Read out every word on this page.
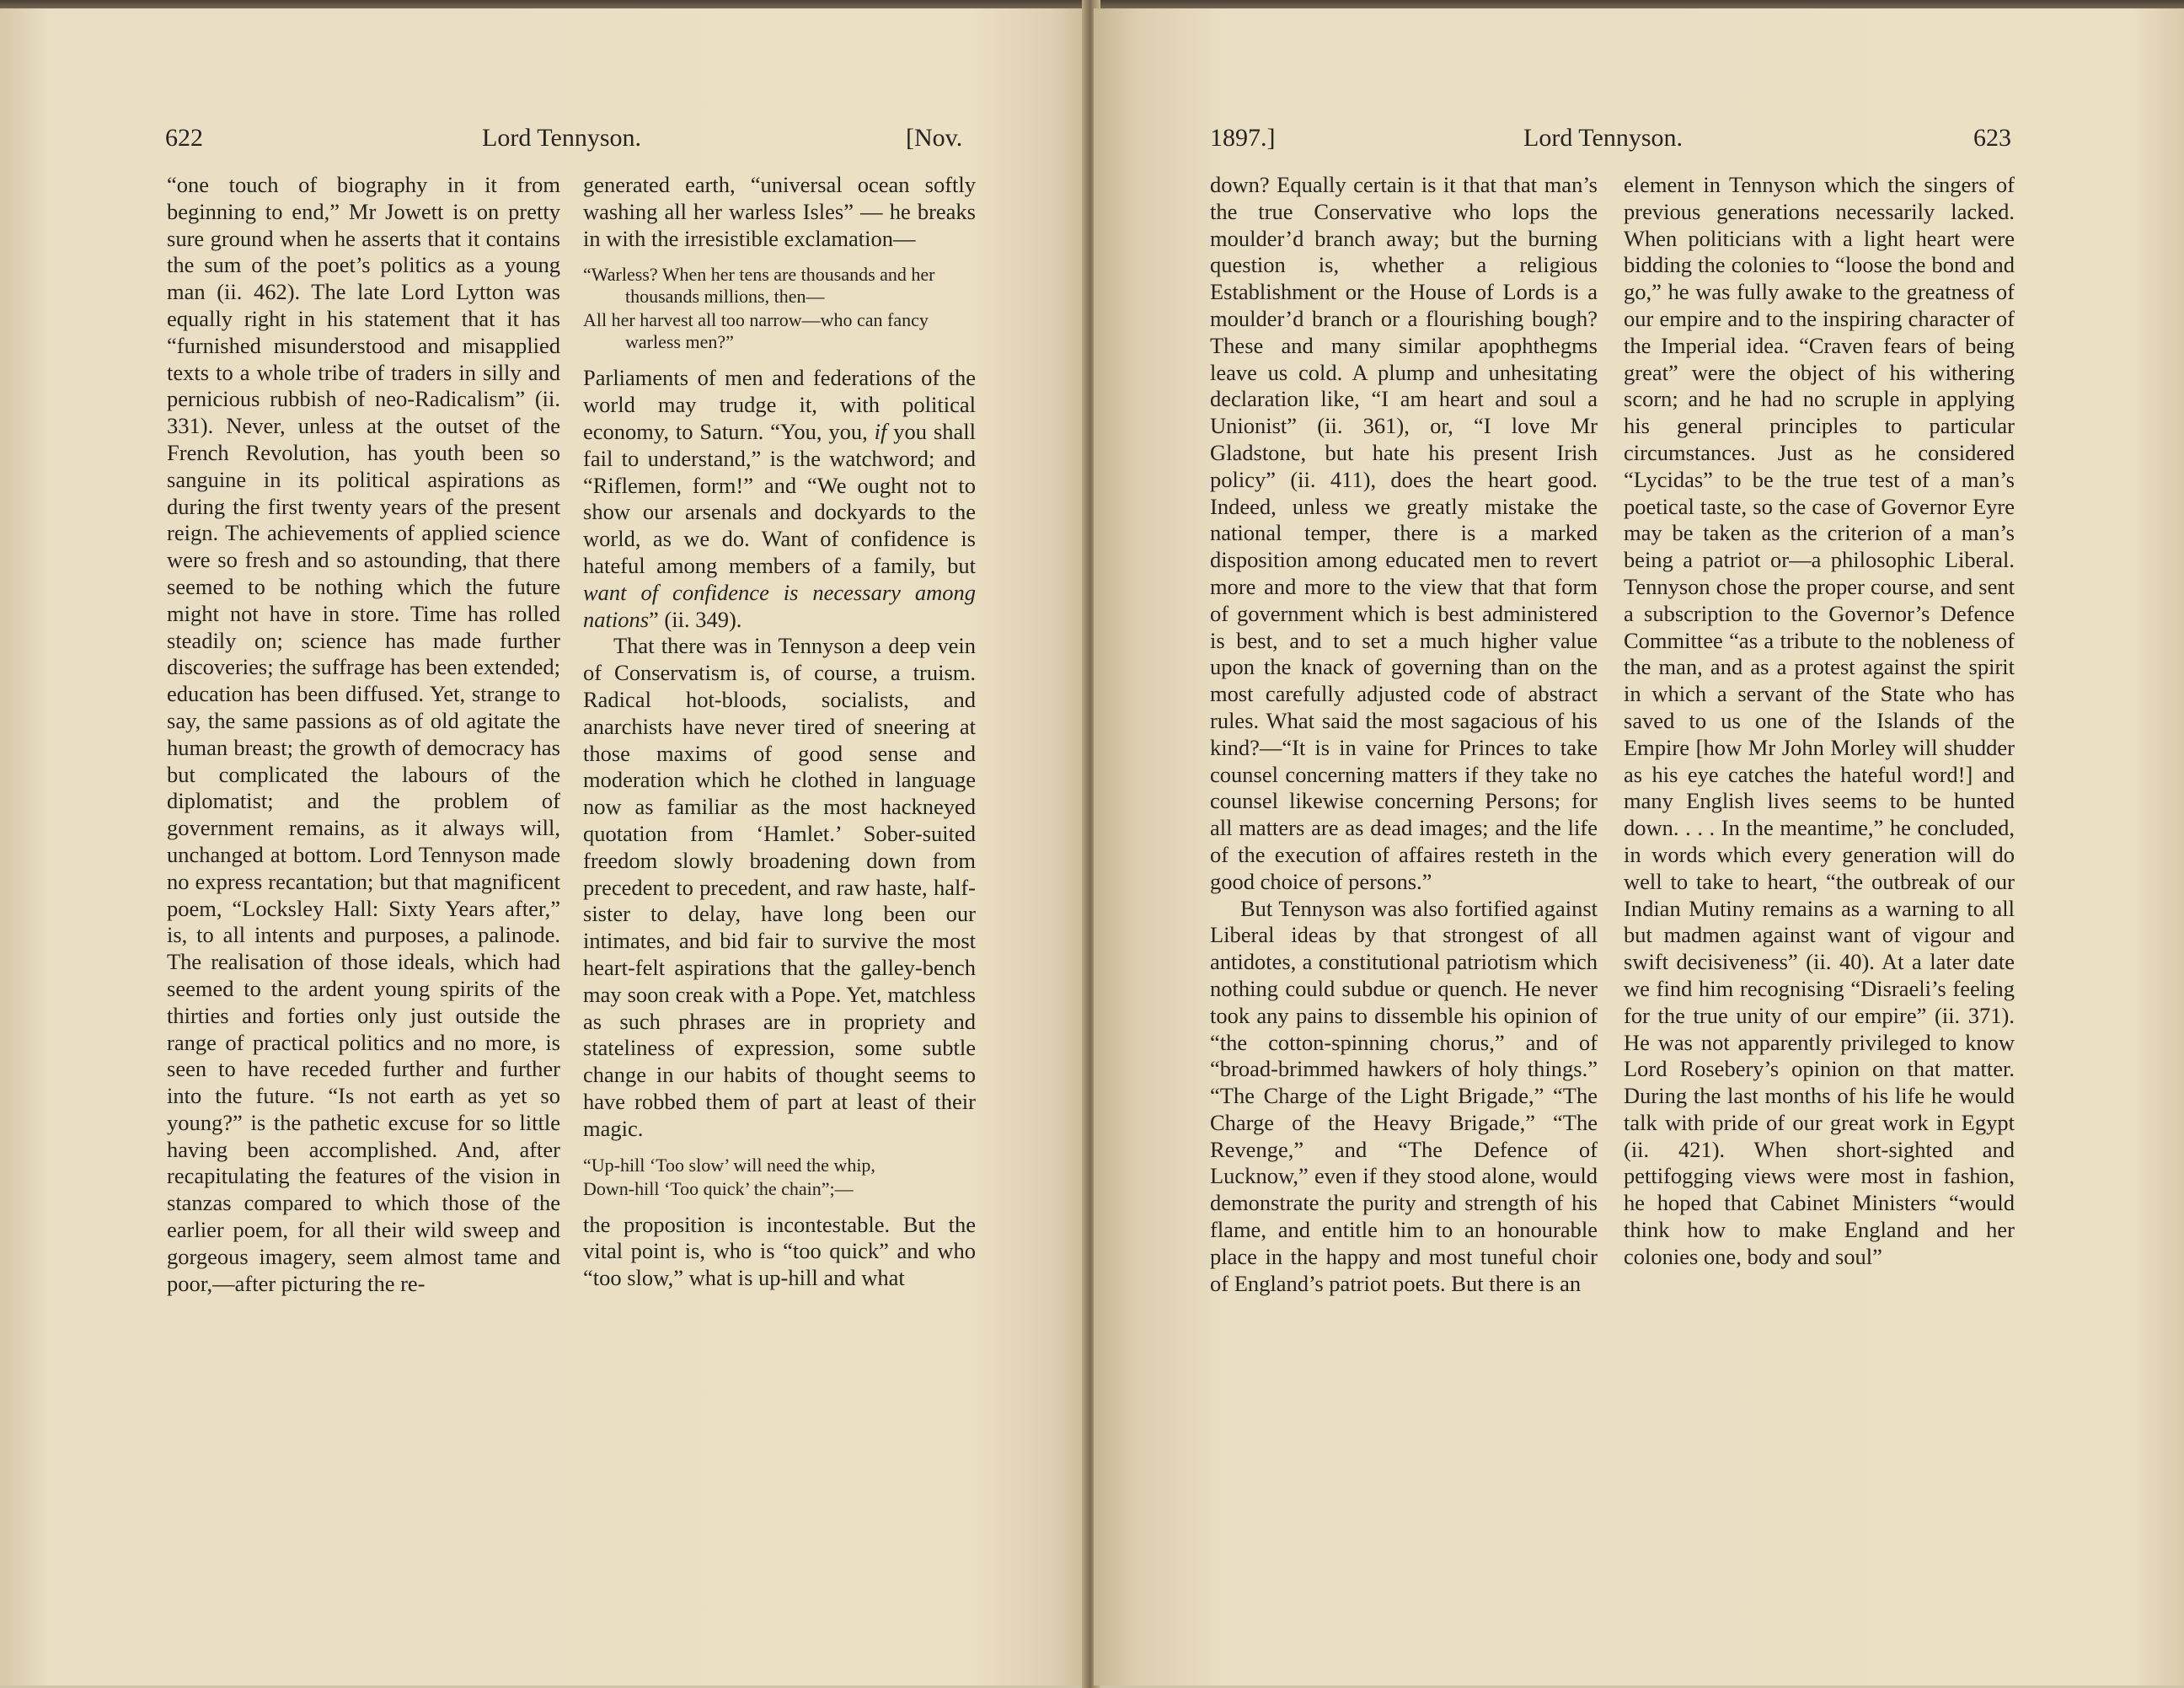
622	Lord Tennyson.	[Nov.

“one touch of biography in it from beginning to end,” Mr Jowett is on pretty sure ground when he asserts that it contains the sum of the poet’s politics as a young man (ii. 462). The late Lord Lytton was equally right in his statement that it has “furnished misunderstood and misapplied texts to a whole tribe of traders in silly and pernicious rubbish of neo-Radicalism” (ii. 331). Never, unless at the outset of the French Revolution, has youth been so sanguine in its political aspirations as during the first twenty years of the present reign. The achievements of applied science were so fresh and so astounding, that there seemed to be nothing which the future might not have in store. Time has rolled steadily on; science has made further discoveries; the suffrage has been extended; education has been diffused. Yet, strange to say, the same passions as of old agitate the human breast; the growth of democracy has but complicated the labours of the diplomatist; and the problem of government remains, as it always will, unchanged at bottom. Lord Tennyson made no express recantation; but that magnificent poem, “Locksley Hall: Sixty Years after,” is, to all intents and purposes, a palinode. The realisation of those ideals, which had seemed to the ardent young spirits of the thirties and forties only just outside the range of practical politics and no more, is seen to have receded further and further into the future. “Is not earth as yet so young?” is the pathetic excuse for so little having been accomplished. And, after recapitulating the features of the vision in stanzas compared to which those of the earlier poem, for all their wild sweep and gorgeous imagery, seem almost tame and poor,—after picturing the re-

generated earth, “universal ocean softly washing all her warless Isles” — he breaks in with the irresistible exclamation—

“Warless? When her tens are thousands and her thousands millions, then—
All her harvest all too narrow—who can fancy warless men?”

Parliaments of men and federations of the world may trudge it, with political economy, to Saturn. “You, you, if you shall fail to understand,” is the watchword; and “Riflemen, form!” and “We ought not to show our arsenals and dockyards to the world, as we do. Want of confidence is hateful among members of a family, but want of confidence is necessary among nations” (ii. 349).

That there was in Tennyson a deep vein of Conservatism is, of course, a truism. Radical hot-bloods, socialists, and anarchists have never tired of sneering at those maxims of good sense and moderation which he clothed in language now as familiar as the most hackneyed quotation from ‘Hamlet.’ Sober-suited freedom slowly broadening down from precedent to precedent, and raw haste, half-sister to delay, have long been our intimates, and bid fair to survive the most heart-felt aspirations that the galley-bench may soon creak with a Pope. Yet, matchless as such phrases are in propriety and stateliness of expression, some subtle change in our habits of thought seems to have robbed them of part at least of their magic.

“Up-hill ‘Too slow’ will need the whip,
Down-hill ‘Too quick’ the chain”;—

the proposition is incontestable. But the vital point is, who is “too quick” and who “too slow,” what is up-hill and what

1897.]	Lord Tennyson.	623

down? Equally certain is it that that man’s the true Conservative who lops the moulder’d branch away; but the burning question is, whether a religious Establishment or the House of Lords is a moulder’d branch or a flourishing bough? These and many similar apophthegms leave us cold. A plump and unhesitating declaration like, “I am heart and soul a Unionist” (ii. 361), or, “I love Mr Gladstone, but hate his present Irish policy” (ii. 411), does the heart good. Indeed, unless we greatly mistake the national temper, there is a marked disposition among educated men to revert more and more to the view that that form of government which is best administered is best, and to set a much higher value upon the knack of governing than on the most carefully adjusted code of abstract rules. What said the most sagacious of his kind?—“It is in vaine for Princes to take counsel concerning matters if they take no counsel likewise concerning Persons; for all matters are as dead images; and the life of the execution of affaires resteth in the good choice of persons.”

But Tennyson was also fortified against Liberal ideas by that strongest of all antidotes, a constitutional patriotism which nothing could subdue or quench. He never took any pains to dissemble his opinion of “the cotton-spinning chorus,” and of “broad-brimmed hawkers of holy things.” “The Charge of the Light Brigade,” “The Charge of the Heavy Brigade,” “The Revenge,” and “The Defence of Lucknow,” even if they stood alone, would demonstrate the purity and strength of his flame, and entitle him to an honourable place in the happy and most tuneful choir of England’s patriot poets. But there is an

element in Tennyson which the singers of previous generations necessarily lacked. When politicians with a light heart were bidding the colonies to “loose the bond and go,” he was fully awake to the greatness of our empire and to the inspiring character of the Imperial idea. “Craven fears of being great” were the object of his withering scorn; and he had no scruple in applying his general principles to particular circumstances. Just as he considered “Lycidas” to be the true test of a man’s poetical taste, so the case of Governor Eyre may be taken as the criterion of a man’s being a patriot or—a philosophic Liberal. Tennyson chose the proper course, and sent a subscription to the Governor’s Defence Committee “as a tribute to the nobleness of the man, and as a protest against the spirit in which a servant of the State who has saved to us one of the Islands of the Empire [how Mr John Morley will shudder as his eye catches the hateful word!] and many English lives seems to be hunted down. . . . In the meantime,” he concluded, in words which every generation will do well to take to heart, “the outbreak of our Indian Mutiny remains as a warning to all but madmen against want of vigour and swift decisiveness” (ii. 40). At a later date we find him recognising “Disraeli’s feeling for the true unity of our empire” (ii. 371). He was not apparently privileged to know Lord Rosebery’s opinion on that matter. During the last months of his life he would talk with pride of our great work in Egypt (ii. 421). When short-sighted and pettifogging views were most in fashion, he hoped that Cabinet Ministers “would think how to make England and her colonies one, body and soul”
